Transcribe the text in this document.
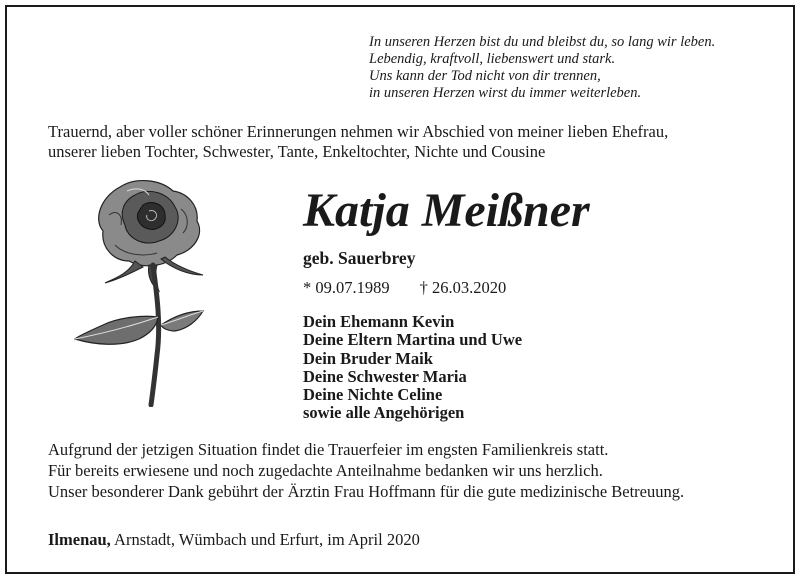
In unseren Herzen bist du und bleibst du, so lang wir leben.
Lebendig, kraftvoll, liebenswert und stark.
Uns kann der Tod nicht von dir trennen,
in unseren Herzen wirst du immer weiterleben.
Trauernd, aber voller schöner Erinnerungen nehmen wir Abschied von meiner lieben Ehefrau,
unserer lieben Tochter, Schwester, Tante, Enkeltochter, Nichte und Cousine
Katja Meißner
geb. Sauerbrey
* 09.07.1989 † 26.03.2020
Dein Ehemann Kevin
Deine Eltern Martina und Uwe
Dein Bruder Maik
Deine Schwester Maria
Deine Nichte Celine
sowie alle Angehörigen
Aufgrund der jetzigen Situation findet die Trauerfeier im engsten Familienkreis statt.
Für bereits erwiesene und noch zugedachte Anteilnahme bedanken wir uns herzlich.
Unser besonderer Dank gebührt der Ärztin Frau Hoffmann für die gute medizinische Betreuung.
Ilmenau, Arnstadt, Wümbach und Erfurt, im April 2020
